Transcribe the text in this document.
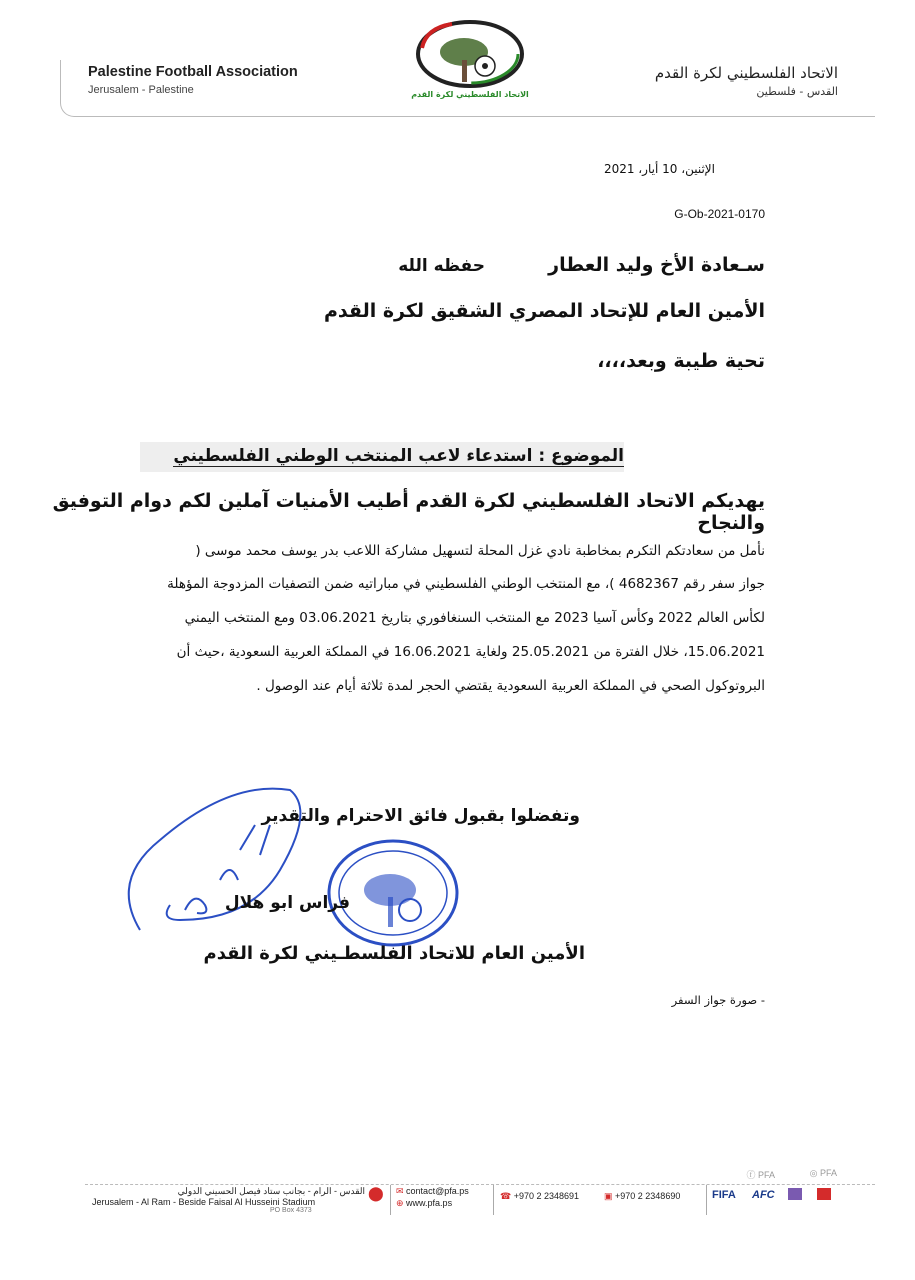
Palestine Football Association
Jerusalem - Palestine
الاتحاد الفلسطيني لكرة القدم
القدس - فلسطين
الاتحاد الفلسطيني لكرة القدم
الإثنين، 10 أيار، 2021
G-Ob-2021-0170
سـعادة الأخ وليد العطار
حفظه الله
الأمين العام للإتحاد المصري الشقيق لكرة القدم
تحية طيبة وبعد،،،،
الموضوع : استدعاء لاعب المنتخب الوطني الفلسطيني
يهديكم الاتحاد الفلسطيني لكرة القدم أطيب الأمنيات آملين لكم دوام التوفيق والنجاح
نأمل من سعادتكم التكرم بمخاطبة نادي غزل المحلة لتسهيل مشاركة اللاعب بدر يوسف محمد موسى (
جواز سفر رقم 4682367 )، مع المنتخب الوطني الفلسطيني في مباراتيه ضمن التصفيات المزدوجة المؤهلة
لكأس العالم 2022 وكأس آسيا 2023 مع المنتخب السنغافوري بتاريخ 03.06.2021 ومع المنتخب اليمني
15.06.2021، خلال الفترة من 25.05.2021 ولغاية 16.06.2021 في المملكة العربية السعودية ،حيث أن
البروتوكول الصحي في المملكة العربية السعودية يقتضي الحجر لمدة ثلاثة أيام عند الوصول .
وتفضلوا بقبول فائق الاحترام والتقدير
فراس ابو هلال
الأمين العام للاتحاد الفلسطـيني لكرة القدم
- صورة جواز السفر
◎ PFA
ⓕ PFA
القدس - الرام - بجانب ستاد فيصل الحسيني الدولي
Jerusalem - Al Ram - Beside Faisal Al Husseini Stadium
PO Box 4373
⬤ ✉ contact@pfa.ps
⊕ www.pfa.ps
☎ +970 2 2348691	▣ +970 2 2348690	FIFA AFC
